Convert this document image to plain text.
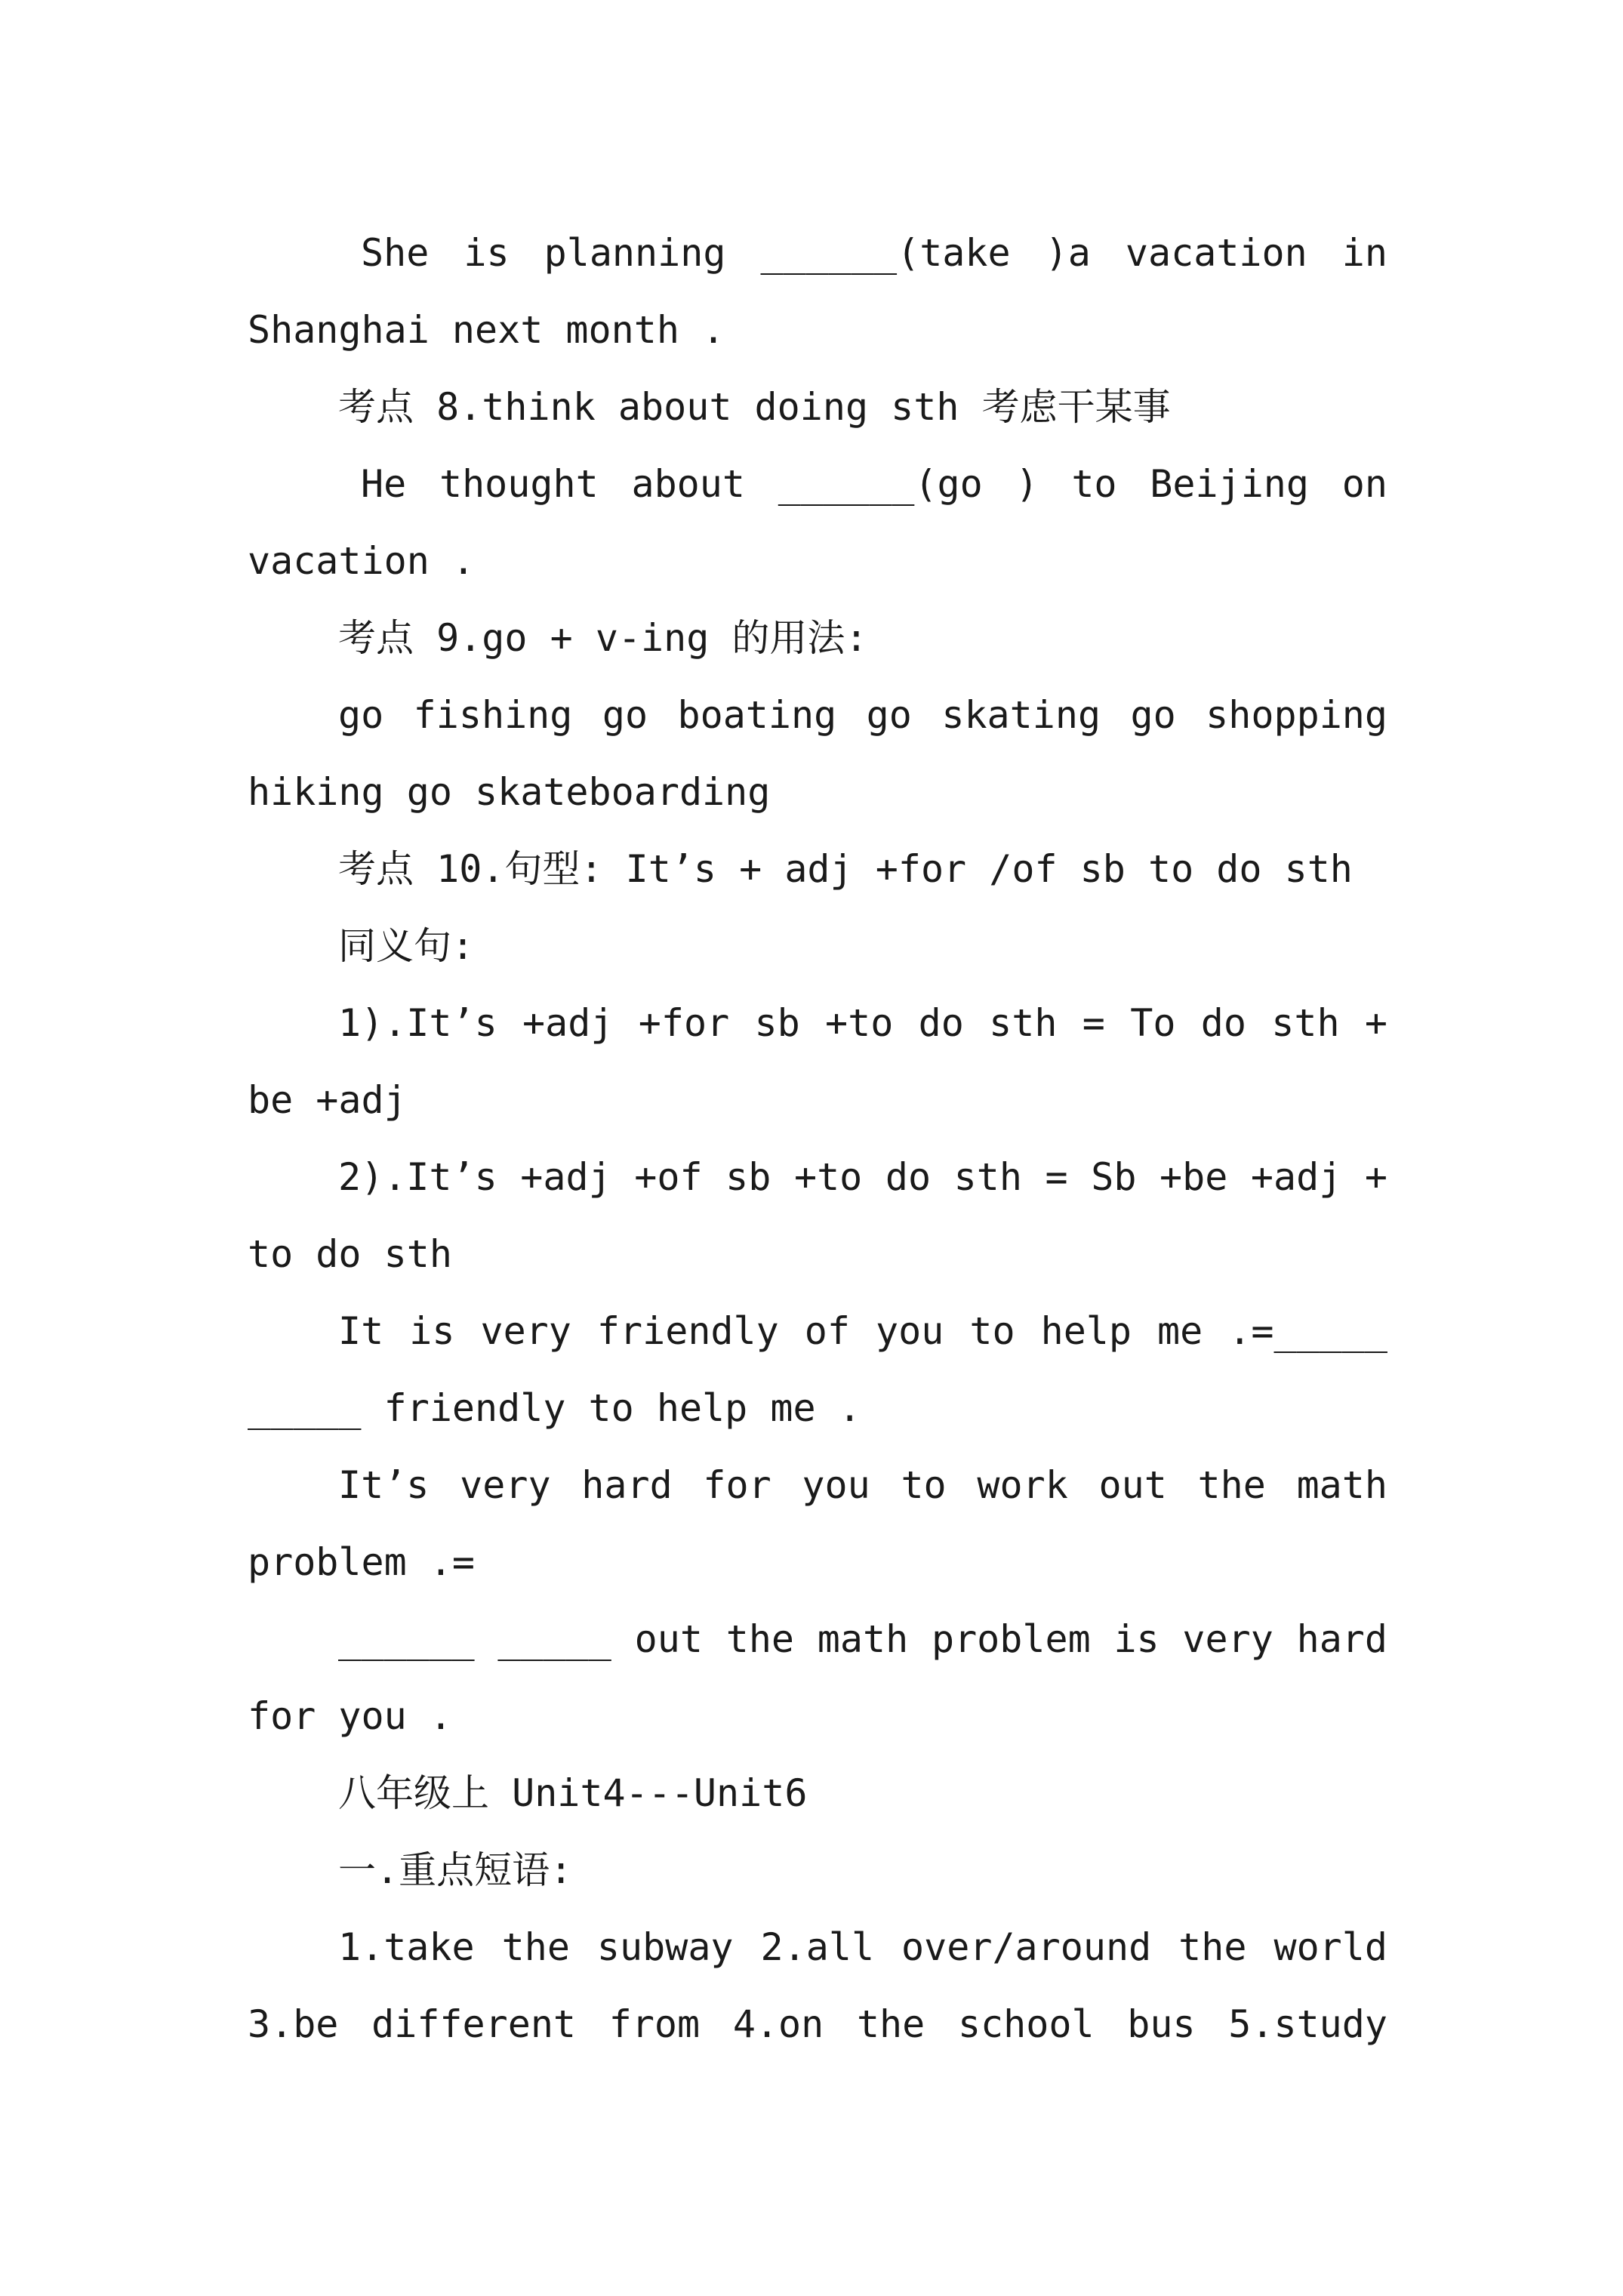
She is planning ______(take )a vacation in
Shanghai next month .
考点 8.think about doing sth 考虑干某事
He thought about ______(go ) to Beijing on
vacation .
考点 9.go + v-ing 的用法:
go fishing go boating go skating go shopping
hiking go skateboarding
考点 10.句型: It’s + adj +for /of sb to do sth
同义句:
1).It’s +adj +for sb +to do sth = To do sth +
be +adj
2).It’s +adj +of sb +to do sth = Sb +be +adj +
to do sth
It is very friendly of you to help me .=_____
_____ friendly to help me .
It’s very hard for you to work out the math
problem .=
______ _____ out the math problem is very hard
for you .
八年级上 Unit4---Unit6
一.重点短语:
1.take the subway 2.all over/around the world
3.be different from 4.on the school bus 5.study
